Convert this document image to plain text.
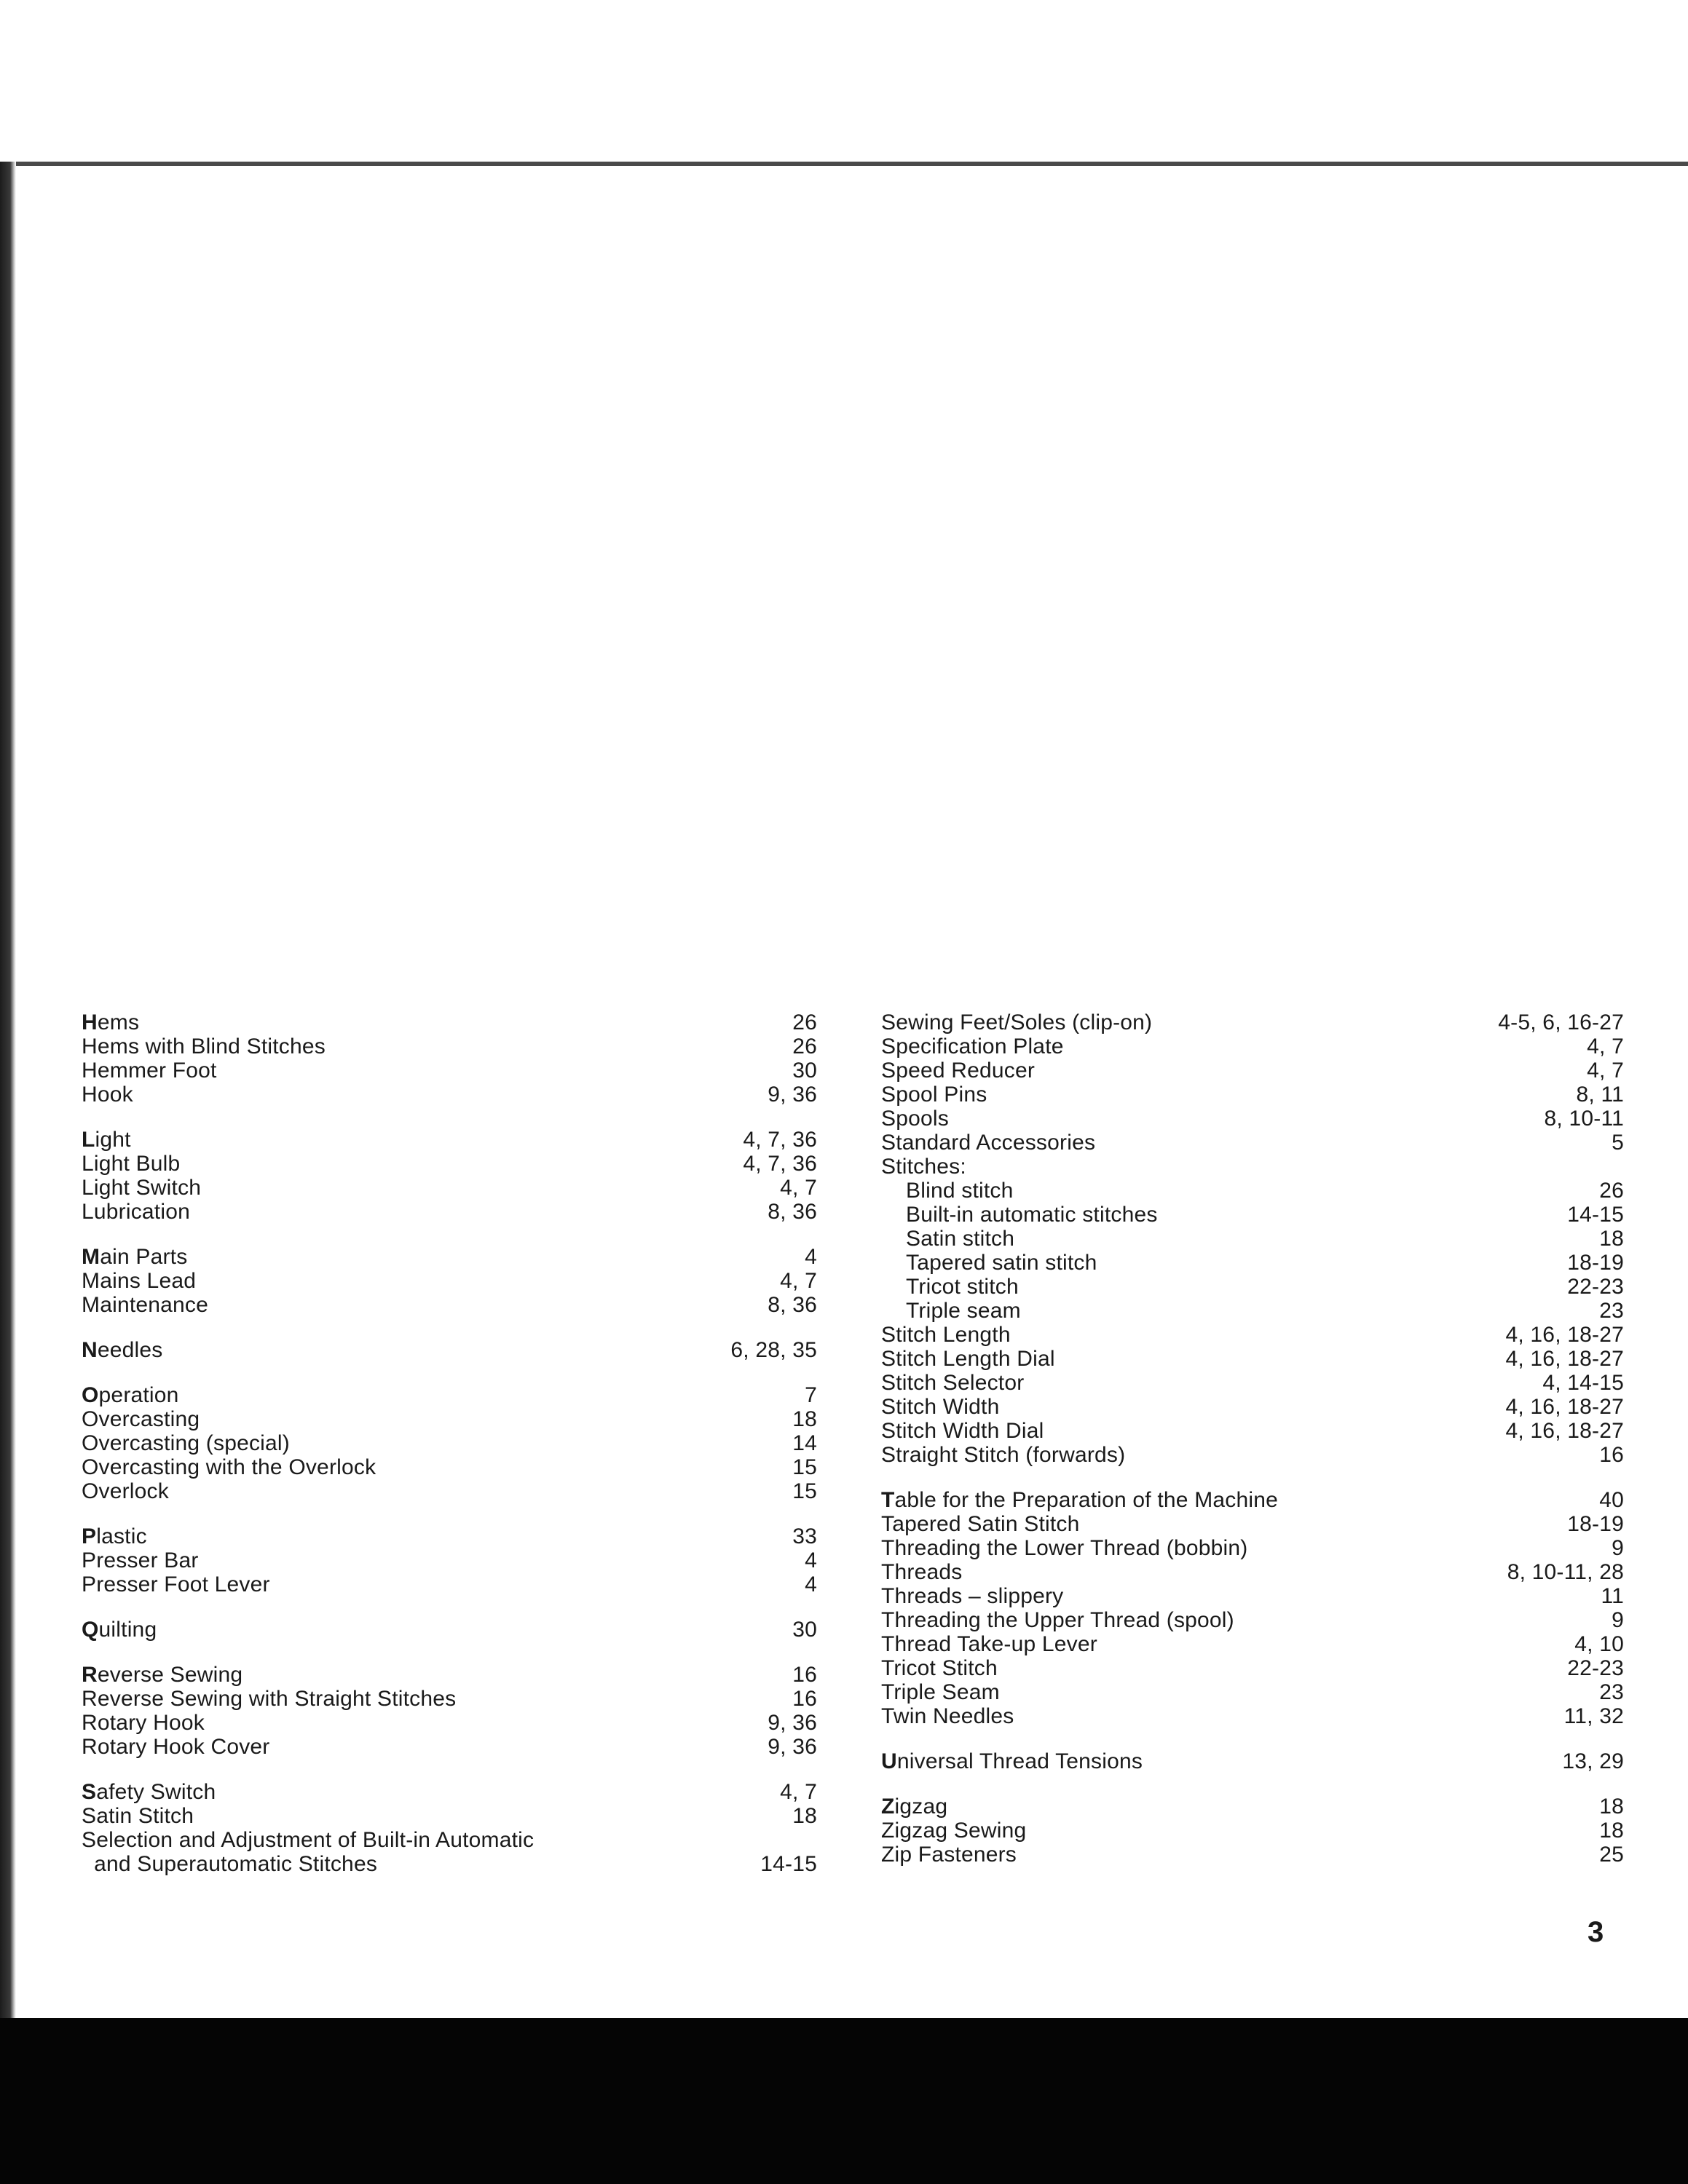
Hems	26
Hems with Blind Stitches	26
Hemmer Foot	30
Hook	9, 36
Light	4, 7, 36
Light Bulb	4, 7, 36
Light Switch	4, 7
Lubrication	8, 36
Main Parts	4
Mains Lead	4, 7
Maintenance	8, 36
Needles	6, 28, 35
Operation	7
Overcasting	18
Overcasting (special)	14
Overcasting with the Overlock	15
Overlock	15
Plastic	33
Presser Bar	4
Presser Foot Lever	4
Quilting	30
Reverse Sewing	16
Reverse Sewing with Straight Stitches	16
Rotary Hook	9, 36
Rotary Hook Cover	9, 36
Safety Switch	4, 7
Satin Stitch	18
Selection and Adjustment of Built-in Automatic
and Superautomatic Stitches	14-15
Sewing Feet/Soles (clip-on)	4-5, 6, 16-27
Specification Plate	4, 7
Speed Reducer	4, 7
Spool Pins	8, 11
Spools	8, 10-11
Standard Accessories	5
Stitches:
Blind stitch	26
Built-in automatic stitches	14-15
Satin stitch	18
Tapered satin stitch	18-19
Tricot stitch	22-23
Triple seam	23
Stitch Length	4, 16, 18-27
Stitch Length Dial	4, 16, 18-27
Stitch Selector	4, 14-15
Stitch Width	4, 16, 18-27
Stitch Width Dial	4, 16, 18-27
Straight Stitch (forwards)	16
Table for the Preparation of the Machine	40
Tapered Satin Stitch	18-19
Threading the Lower Thread (bobbin)	9
Threads	8, 10-11, 28
Threads – slippery	11
Threading the Upper Thread (spool)	9
Thread Take-up Lever	4, 10
Tricot Stitch	22-23
Triple Seam	23
Twin Needles	11, 32
Universal Thread Tensions	13, 29
Zigzag	18
Zigzag Sewing	18
Zip Fasteners	25
3
